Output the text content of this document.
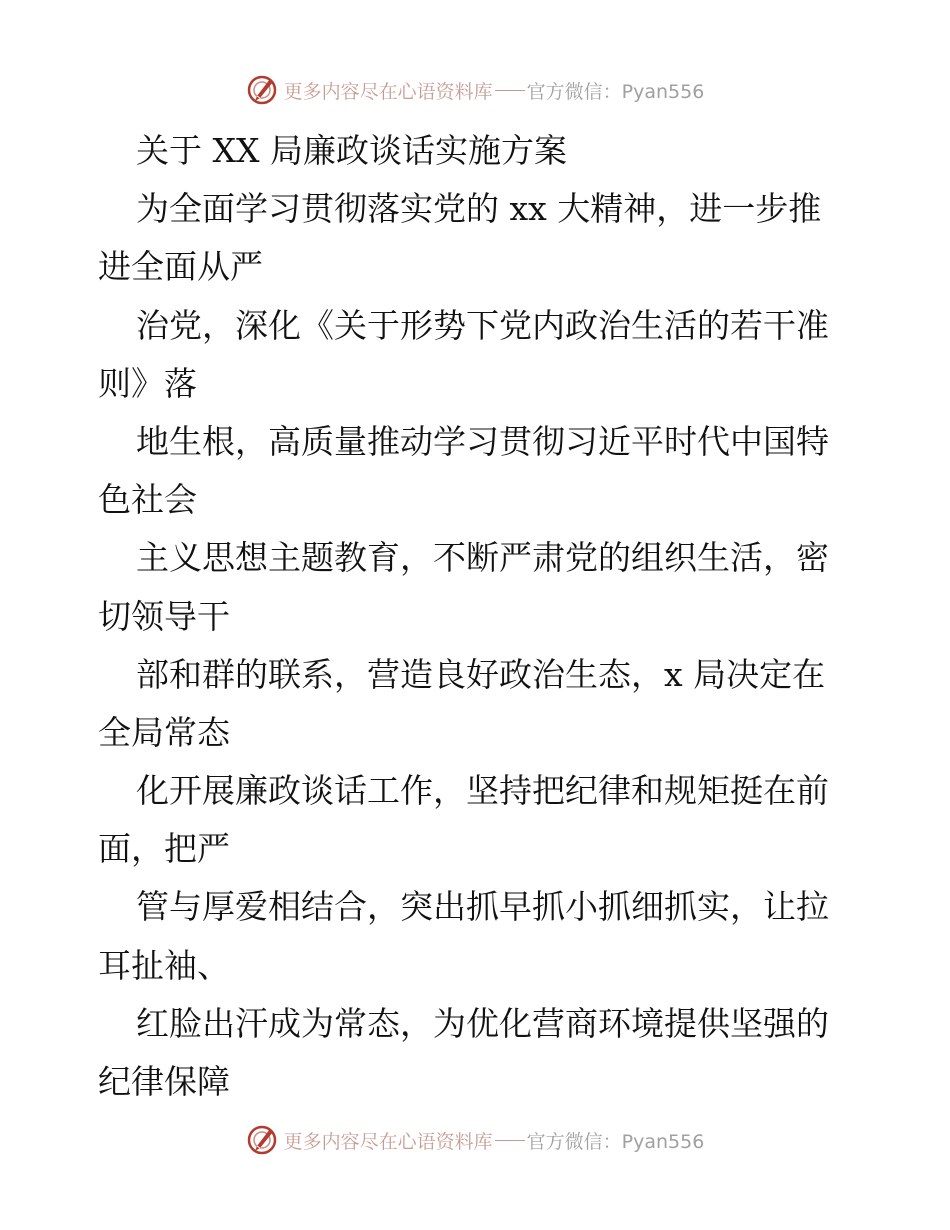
更多内容尽在心语资料库 官方微信：Pyan556
关于 XX 局廉政谈话实施方案
为全面学习贯彻落实党的 xx 大精神，进一步推
进全面从严
治党，深化《关于形势下党内政治生活的若干准
则》落
地生根，高质量推动学习贯彻习近平时代中国特
色社会
主义思想主题教育，不断严肃党的组织生活，密
切领导干
部和群的联系，营造良好政治生态，x 局决定在
全局常态
化开展廉政谈话工作，坚持把纪律和规矩挺在前
面，把严
管与厚爱相结合，突出抓早抓小抓细抓实，让拉
耳扯袖、
红脸出汗成为常态，为优化营商环境提供坚强的
纪律保障
更多内容尽在心语资料库 官方微信：Pyan556
